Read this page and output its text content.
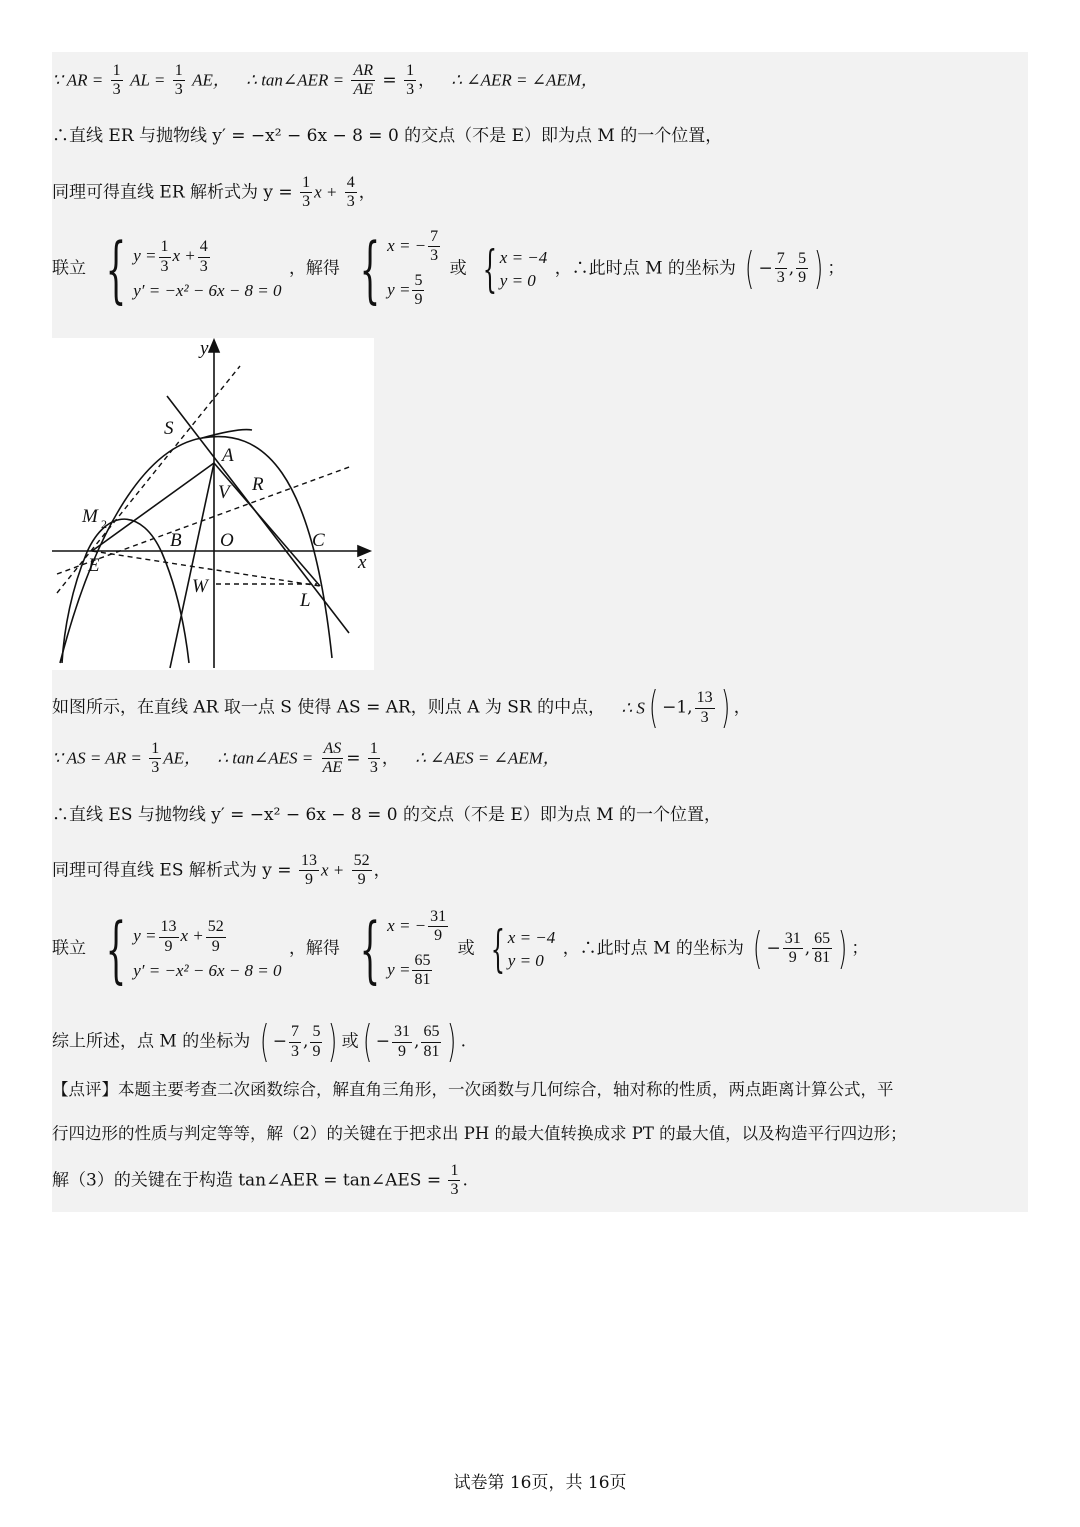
∵ AR = $\frac{1}{3}$ AL = $\frac{1}{3}$ AE， ∴ tan∠AER = $\frac{AR}{AE} = \frac{1}{3}$ ， ∴ ∠AER = ∠AEM，
∴直线 ER 与抛物线 y′ = −x² − 6x − 8 = 0 的交点（不是 E）即为点 M 的一个位置，
同理可得直线 ER 解析式为 $y = \frac{1}{3}$ $x + \frac{4}{3}$ ，
联立 { $y = \frac{1}{3}$ $x + \frac{4}{3}$
y′ = −x² − 6x − 8 = 0
，解得 { x = − $\frac{7}{3}$
$y = \frac{5}{9}$
或 { x = −4
y = 0
，∴此时点 M 的坐标为 ( − $\frac{7}{3}$ , $\frac{5}{9}$ ) ；
y
x
S
A
R
V
M 2
B O	C
E
W
L
如图所示，在直线 AR 取一点 S 使得 AS = AR，则点 A 为 SR 的中点， ∴ S( −1, $\frac{13}{3}$ ) ，
∵ AS = AR = $\frac{1}{3}$ AE， ∴ tan∠AES = $\frac{AS}{AE} = \frac{1}{3}$ ， ∴ ∠AES = ∠AEM，
∴直线 ES 与抛物线 y′ = −x² − 6x − 8 = 0 的交点（不是 E）即为点 M 的一个位置，
同理可得直线 ES 解析式为 $y = \frac{13}{9}$ $x + \frac{52}{9}$ ，
联立 { $y = \frac{13}{9}$ $x + \frac{52}{9}$
y′ = −x² − 6x − 8 = 0
，解得 { x = − $\frac{31}{9}$
$y = \frac{65}{81}$
或 { x = −4
y = 0
，∴此时点 M 的坐标为 ( − $\frac{31}{9}$ , $\frac{65}{81}$ ) ；
综上所述，点 M 的坐标为 ( − $\frac{7}{3}$ , $\frac{5}{9}$ ) 或( − $\frac{31}{9}$ , $\frac{65}{81}$ ) .
【点评】本题主要考查二次函数综合，解直角三角形，一次函数与几何综合，轴对称的性质，两点距离计算公式，平
行四边形的性质与判定等等，解（2）的关键在于把求出 PH 的最大值转换成求 PT 的最大值，以及构造平行四边形；
解（3）的关键在于构造 tan∠AER = tan∠AES = $\frac{1}{3}$ .
试卷第 16页，共 16页
